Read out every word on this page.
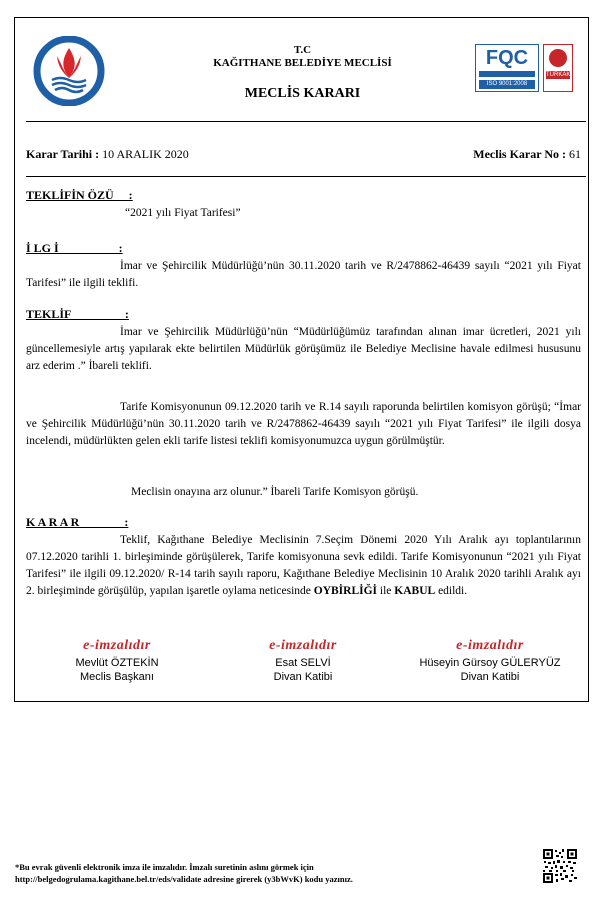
FQC
ISO 9001:2008
TÜRKAK
T.C
KAĞITHANE BELEDİYE MECLİSİ
MECLİS KARARI
Karar Tarihi : 10 ARALIK 2020	Meclis Karar No : 61
TEKLİFİN ÖZÜ     :
“2021 yılı Fiyat Tarifesi”
İ LG İ                    :
İmar ve Şehircilik Müdürlüğü’nün 30.11.2020 tarih ve R/2478862-46439 sayılı “2021 yılı Fiyat Tarifesi” ile ilgili teklifi.
TEKLİF                  :
İmar ve Şehircilik Müdürlüğü’nün “Müdürlüğümüz tarafından alınan imar ücretleri, 2021 yılı güncellemesiyle artış yapılarak ekte belirtilen Müdürlük görüşümüz ile Belediye Meclisine havale edilmesi hususunu arz ederim .” İbareli teklifi.
Tarife Komisyonunun 09.12.2020 tarih ve R.14 sayılı raporunda belirtilen komisyon görüşü; “İmar ve Şehircilik Müdürlüğü’nün 30.11.2020 tarih ve R/2478862-46439 sayılı “2021 yılı Fiyat Tarifesi” ile ilgili dosya incelendi, müdürlükten gelen ekli tarife listesi teklifi komisyonumuzca uygun görülmüştür.
Meclisin onayına arz olunur.” İbareli Tarife Komisyon görüşü.
K A R A R               :
Teklif, Kağıthane Belediye Meclisinin 7.Seçim Dönemi 2020 Yılı Aralık ayı toplantılarının 07.12.2020 tarihli 1. birleşiminde görüşülerek, Tarife komisyonuna sevk edildi. Tarife Komisyonunun “2021 yılı Fiyat Tarifesi” ile ilgili 09.12.2020/ R-14 tarih sayılı raporu, Kağıthane Belediye Meclisinin 10 Aralık 2020 tarihli Aralık ayı 2. birleşiminde görüşülüp, yapılan işaretle oylama neticesinde OYBİRLİĞİ ile KABUL edildi.
e-imzalıdır
Mevlüt ÖZTEKİN
Meclis Başkanı
e-imzalıdır
Esat SELVİ
Divan Katibi
e-imzalıdır
Hüseyin Gürsoy GÜLERYÜZ
Divan Katibi
*Bu evrak güvenli elektronik imza ile imzalıdır. İmzalı suretinin aslını görmek için
http://belgedogrulama.kagithane.bel.tr/eds/validate adresine girerek (y3bWvK) kodu yazınız.
